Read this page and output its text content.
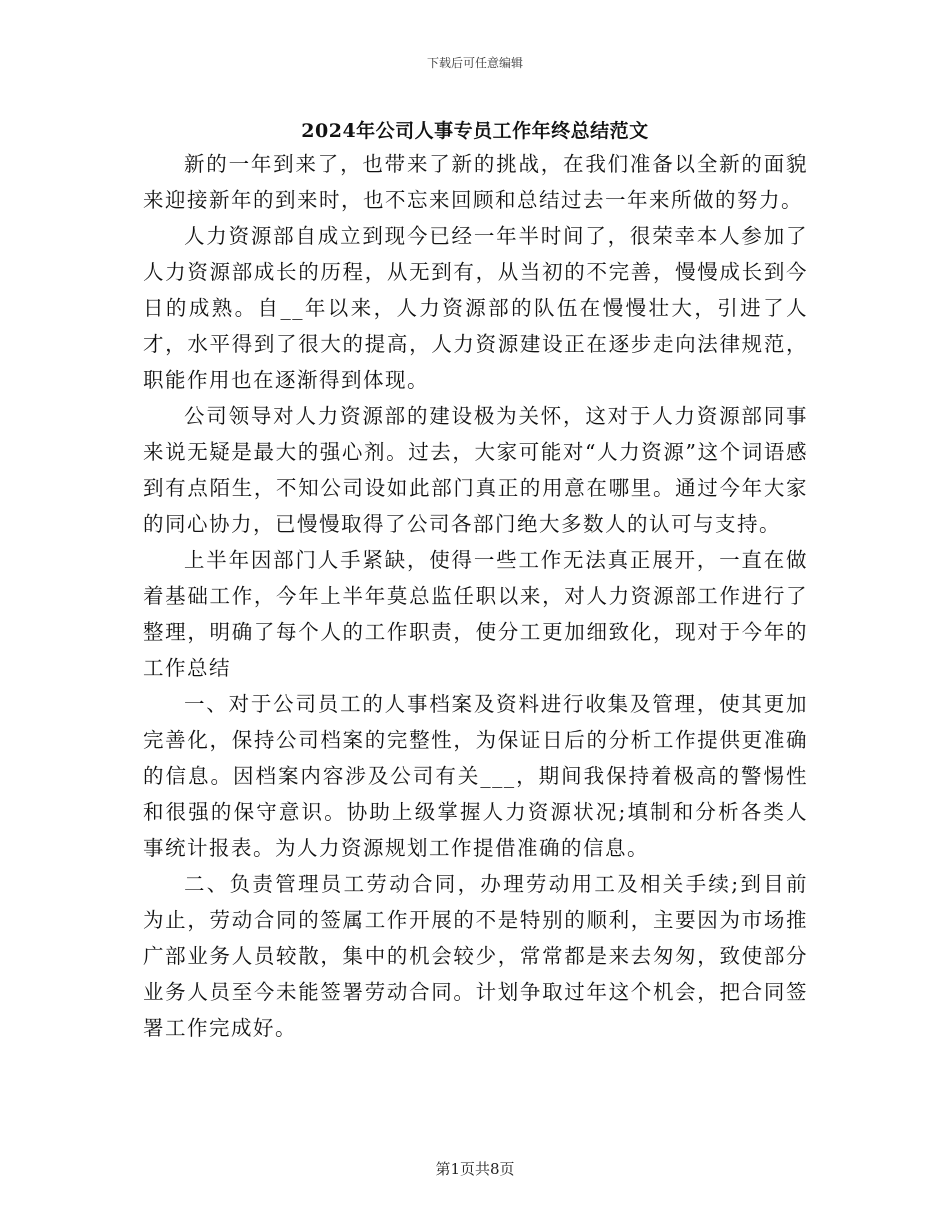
下载后可任意编辑
2024年公司人事专员工作年终总结范文

新的一年到来了，也带来了新的挑战，在我们准备以全新的面貌来迎接新年的到来时，也不忘来回顾和总结过去一年来所做的努力。

人力资源部自成立到现今已经一年半时间了，很荣幸本人参加了人力资源部成长的历程，从无到有，从当初的不完善，慢慢成长到今日的成熟。自__年以来，人力资源部的队伍在慢慢壮大，引进了人才，水平得到了很大的提高，人力资源建设正在逐步走向法律规范，职能作用也在逐渐得到体现。

公司领导对人力资源部的建设极为关怀，这对于人力资源部同事来说无疑是最大的强心剂。过去，大家可能对“人力资源”这个词语感到有点陌生，不知公司设如此部门真正的用意在哪里。通过今年大家的同心协力，已慢慢取得了公司各部门绝大多数人的认可与支持。

上半年因部门人手紧缺，使得一些工作无法真正展开，一直在做着基础工作，今年上半年莫总监任职以来，对人力资源部工作进行了整理，明确了每个人的工作职责，使分工更加细致化，现对于今年的工作总结

一、对于公司员工的人事档案及资料进行收集及管理，使其更加完善化，保持公司档案的完整性，为保证日后的分析工作提供更准确的信息。因档案内容涉及公司有关___，期间我保持着极高的警惕性和很强的保守意识。协助上级掌握人力资源状况;填制和分析各类人事统计报表。为人力资源规划工作提借准确的信息。

二、负责管理员工劳动合同，办理劳动用工及相关手续;到目前为止，劳动合同的签属工作开展的不是特别的顺利，主要因为市场推广部业务人员较散，集中的机会较少，常常都是来去匆匆，致使部分业务人员至今未能签署劳动合同。计划争取过年这个机会，把合同签署工作完成好。

第1页共8页
